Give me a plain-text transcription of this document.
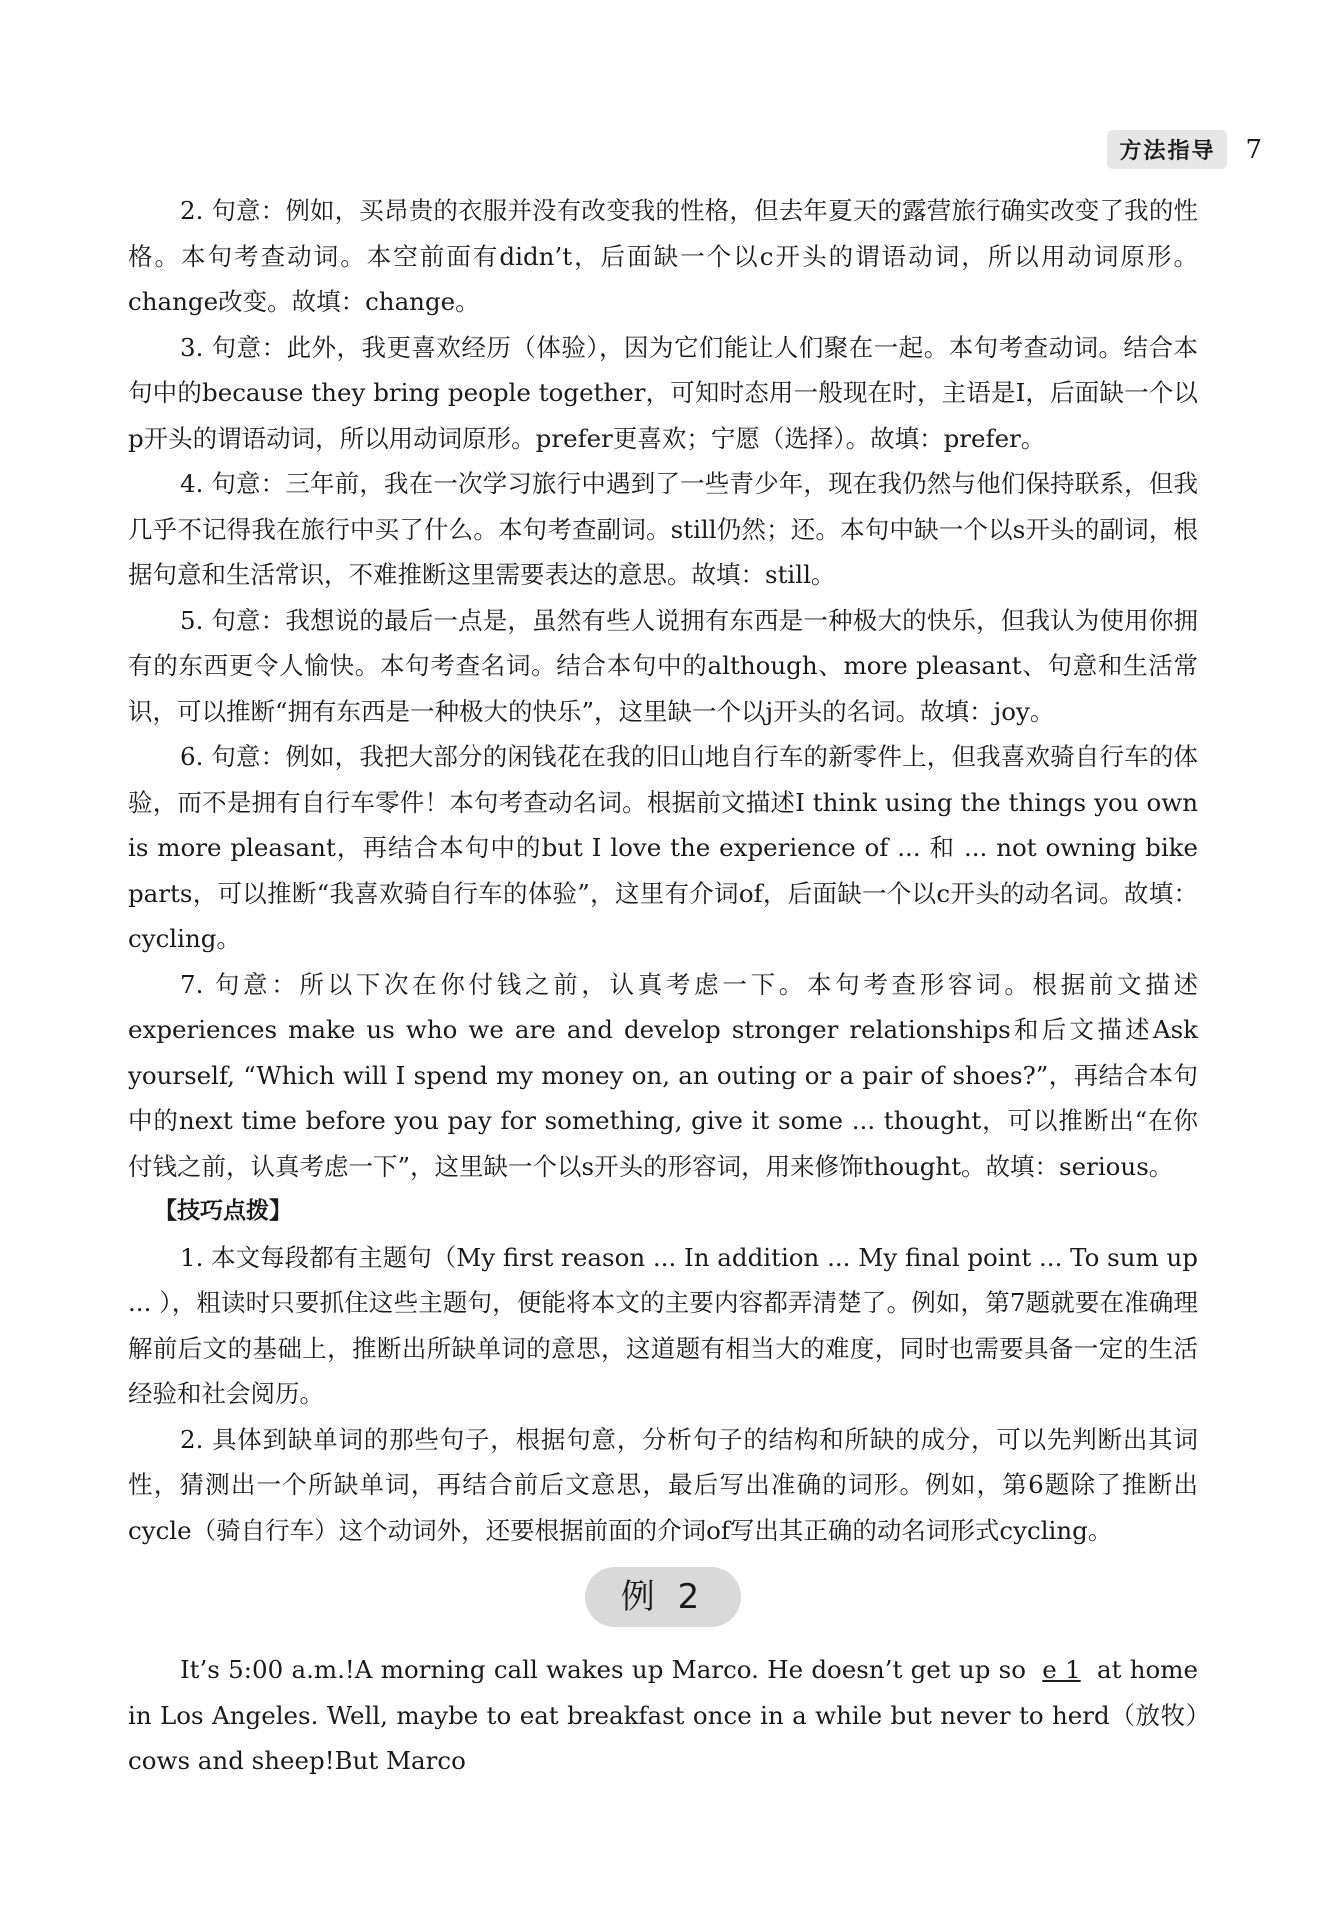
方法指导	7

2. 句意：例如，买昂贵的衣服并没有改变我的性格，但去年夏天的露营旅行确实改变了我的性格。本句考查动词。本空前面有didn’t，后面缺一个以c开头的谓语动词，所以用动词原形。change改变。故填：change。

3. 句意：此外，我更喜欢经历（体验），因为它们能让人们聚在一起。本句考查动词。结合本句中的because they bring people together，可知时态用一般现在时，主语是I，后面缺一个以p开头的谓语动词，所以用动词原形。prefer更喜欢；宁愿（选择）。故填：prefer。

4. 句意：三年前，我在一次学习旅行中遇到了一些青少年，现在我仍然与他们保持联系，但我几乎不记得我在旅行中买了什么。本句考查副词。still仍然；还。本句中缺一个以s开头的副词，根据句意和生活常识，不难推断这里需要表达的意思。故填：still。

5. 句意：我想说的最后一点是，虽然有些人说拥有东西是一种极大的快乐，但我认为使用你拥有的东西更令人愉快。本句考查名词。结合本句中的although、more pleasant、句意和生活常识，可以推断“拥有东西是一种极大的快乐”，这里缺一个以j开头的名词。故填：joy。

6. 句意：例如，我把大部分的闲钱花在我的旧山地自行车的新零件上，但我喜欢骑自行车的体验，而不是拥有自行车零件！本句考查动名词。根据前文描述I think using the things you own is more pleasant，再结合本句中的but I love the experience of ... 和 ... not owning bike parts，可以推断“我喜欢骑自行车的体验”，这里有介词of，后面缺一个以c开头的动名词。故填：cycling。

7. 句意：所以下次在你付钱之前，认真考虑一下。本句考查形容词。根据前文描述experiences make us who we are and develop stronger relationships和后文描述Ask yourself, “Which will I spend my money on, an outing or a pair of shoes?”，再结合本句中的next time before you pay for something, give it some ... thought，可以推断出“在你付钱之前，认真考虑一下”，这里缺一个以s开头的形容词，用来修饰thought。故填：serious。

【技巧点拨】

1. 本文每段都有主题句（My first reason ... In addition ... My final point ... To sum up ... ），粗读时只要抓住这些主题句，便能将本文的主要内容都弄清楚了。例如，第7题就要在准确理解前后文的基础上，推断出所缺单词的意思，这道题有相当大的难度，同时也需要具备一定的生活经验和社会阅历。

2. 具体到缺单词的那些句子，根据句意，分析句子的结构和所缺的成分，可以先判断出其词性，猜测出一个所缺单词，再结合前后文意思，最后写出准确的词形。例如，第6题除了推断出cycle（骑自行车）这个动词外，还要根据前面的介词of写出其正确的动名词形式cycling。

例 2

It’s 5:00 a.m.!A morning call wakes up Marco. He doesn’t get up so e 1 at home in Los Angeles. Well, maybe to eat breakfast once in a while but never to herd（放牧）cows and sheep!But Marco
